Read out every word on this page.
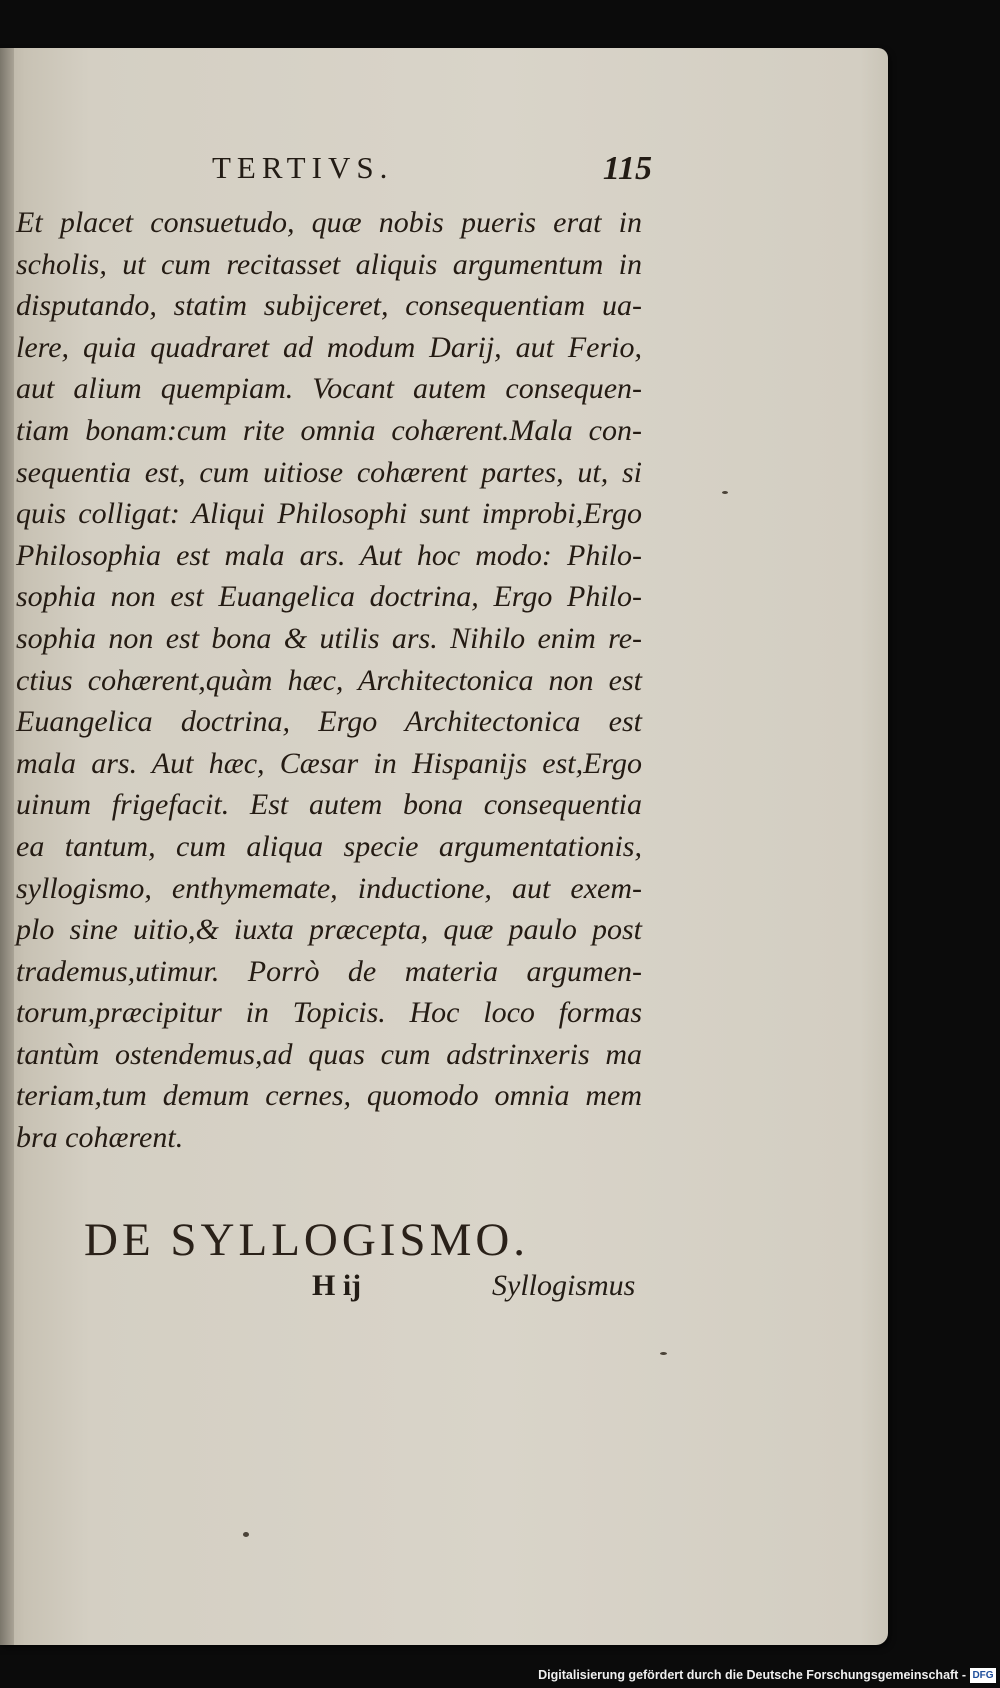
TERTIVS.	115
Et placet consuetudo, quæ nobis pueris erat in
scholis, ut cum recitasset aliquis argumentum in
disputando, statim subijceret, consequentiam ua-
lere, quia quadraret ad modum Darij, aut Ferio,
aut alium quempiam. Vocant autem consequen-
tiam bonam:cum rite omnia cohærent.Mala con-
sequentia est, cum uitiose cohærent partes, ut, si
quis colligat: Aliqui Philosophi sunt improbi,Ergo
Philosophia est mala ars. Aut hoc modo: Philo-
sophia non est Euangelica doctrina, Ergo Philo-
sophia non est bona & utilis ars. Nihilo enim re-
ctius cohærent,quàm hæc, Architectonica non est
Euangelica doctrina, Ergo Architectonica est
mala ars. Aut hæc, Cæsar in Hispanijs est,Ergo
uinum frigefacit. Est autem bona consequentia
ea tantum, cum aliqua specie argumentationis,
syllogismo, enthymemate, inductione, aut exem-
plo sine uitio,& iuxta præcepta, quæ paulo post
trademus,utimur. Porrò de materia argumen-
torum,præcipitur in Topicis. Hoc loco formas
tantùm ostendemus,ad quas cum adstrinxeris ma
teriam,tum demum cernes, quomodo omnia mem
bra cohærent.
DE SYLLOGISMO.
H ij	Syllogismus
Digitalisierung gefördert durch die Deutsche Forschungsgemeinschaft - DFG
